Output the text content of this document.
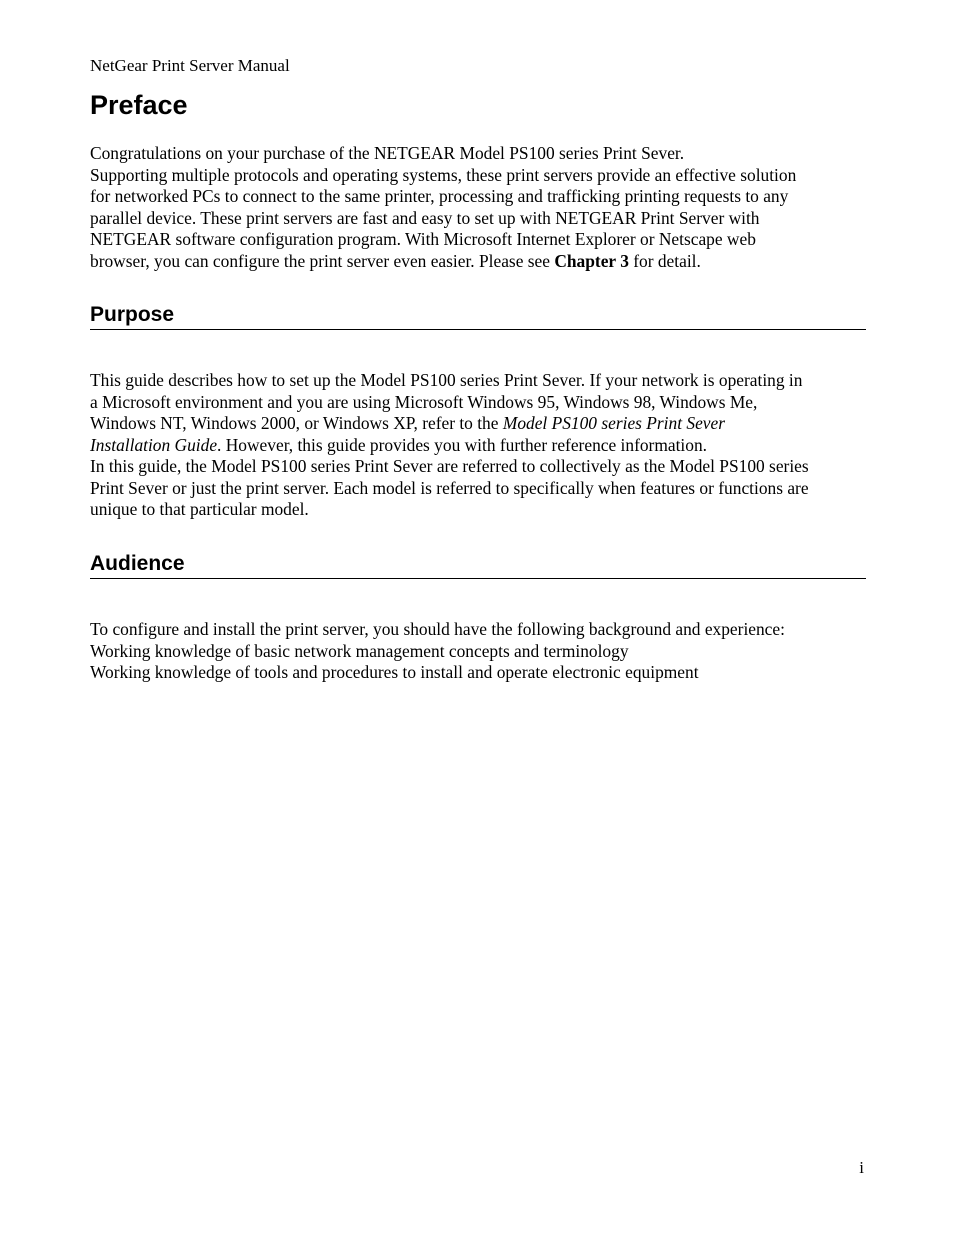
NetGear Print Server Manual
Preface

Congratulations on your purchase of the NETGEAR Model PS100 series Print Sever.
Supporting multiple protocols and operating systems, these print servers provide an effective solution
for networked PCs to connect to the same printer, processing and trafficking printing requests to any
parallel device. These print servers are fast and easy to set up with NETGEAR Print Server with
NETGEAR software configuration program. With Microsoft Internet Explorer or Netscape web
browser, you can configure the print server even easier. Please see Chapter 3 for detail.

Purpose

This guide describes how to set up the Model PS100 series Print Sever. If your network is operating in
a Microsoft environment and you are using Microsoft Windows 95, Windows 98, Windows Me,
Windows NT, Windows 2000, or Windows XP, refer to the Model PS100 series Print Sever
Installation Guide. However, this guide provides you with further reference information.
In this guide, the Model PS100 series Print Sever are referred to collectively as the Model PS100 series
Print Sever or just the print server. Each model is referred to specifically when features or functions are
unique to that particular model.

Audience

To configure and install the print server, you should have the following background and experience:
Working knowledge of basic network management concepts and terminology
Working knowledge of tools and procedures to install and operate electronic equipment

i
